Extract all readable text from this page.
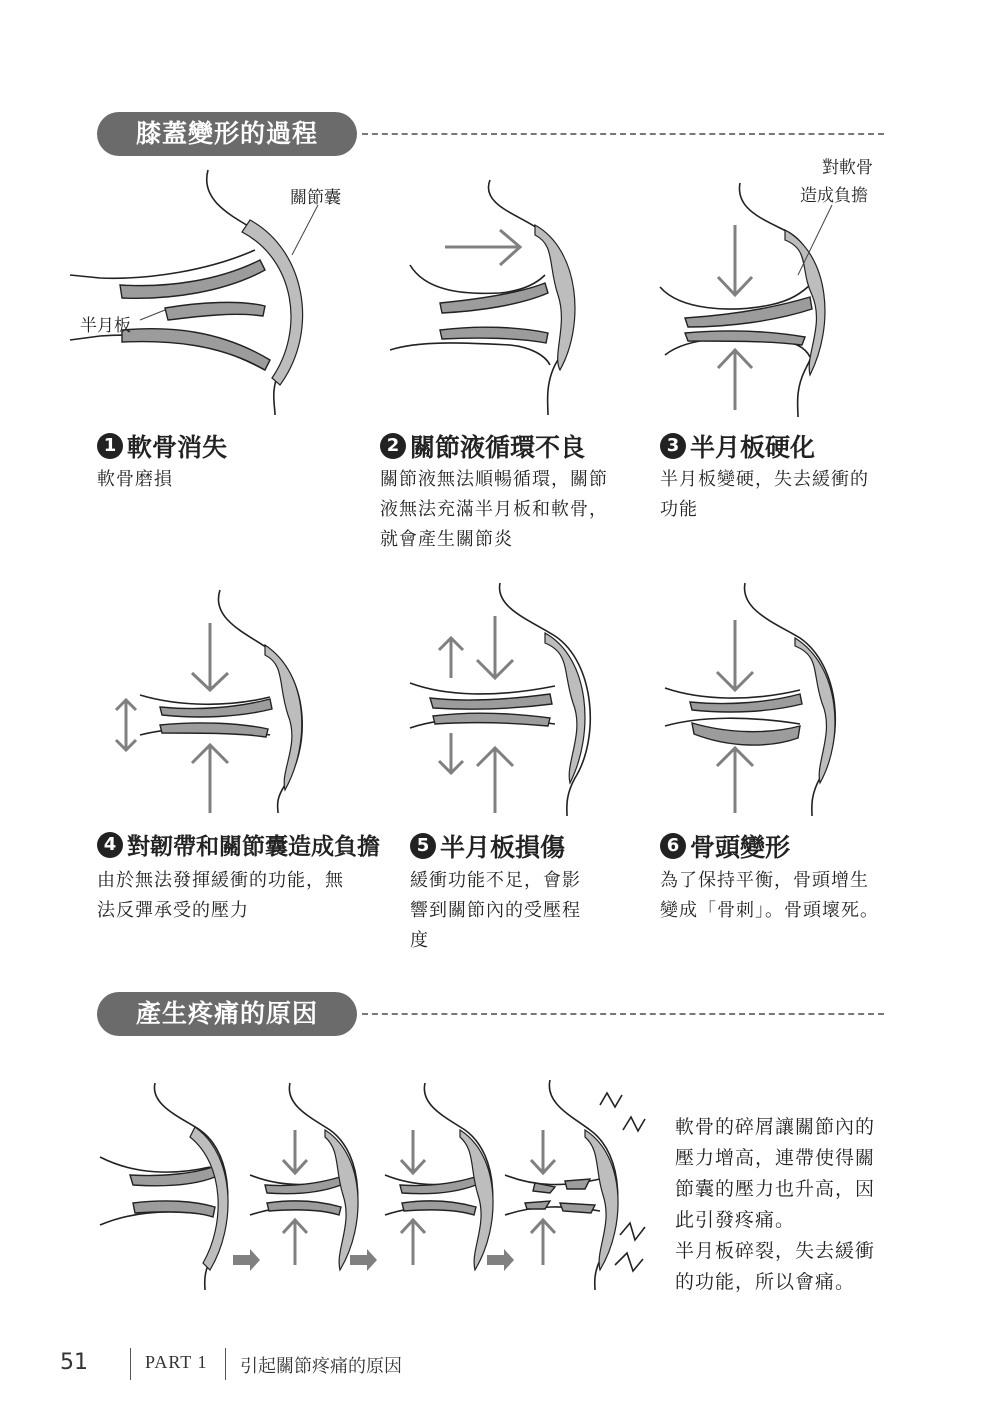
膝蓋變形的過程
關節囊
半月板
對軟骨
造成負擔
1 軟骨消失
軟骨磨損
2 關節液循環不良
關節液無法順暢循環，關節液無法充滿半月板和軟骨，就會產生關節炎
3 半月板硬化
半月板變硬，失去緩衝的功能
4 對韌帶和關節囊造成負擔
由於無法發揮緩衝的功能，無法反彈承受的壓力
5 半月板損傷
緩衝功能不足，會影響到關節內的受壓程度
6 骨頭變形
為了保持平衡，骨頭增生變成「骨刺」。骨頭壞死。
產生疼痛的原因
軟骨的碎屑讓關節內的壓力增高，連帶使得關節囊的壓力也升高，因此引發疼痛。
半月板碎裂，失去緩衝的功能，所以會痛。
51	PART 1 引起關節疼痛的原因
